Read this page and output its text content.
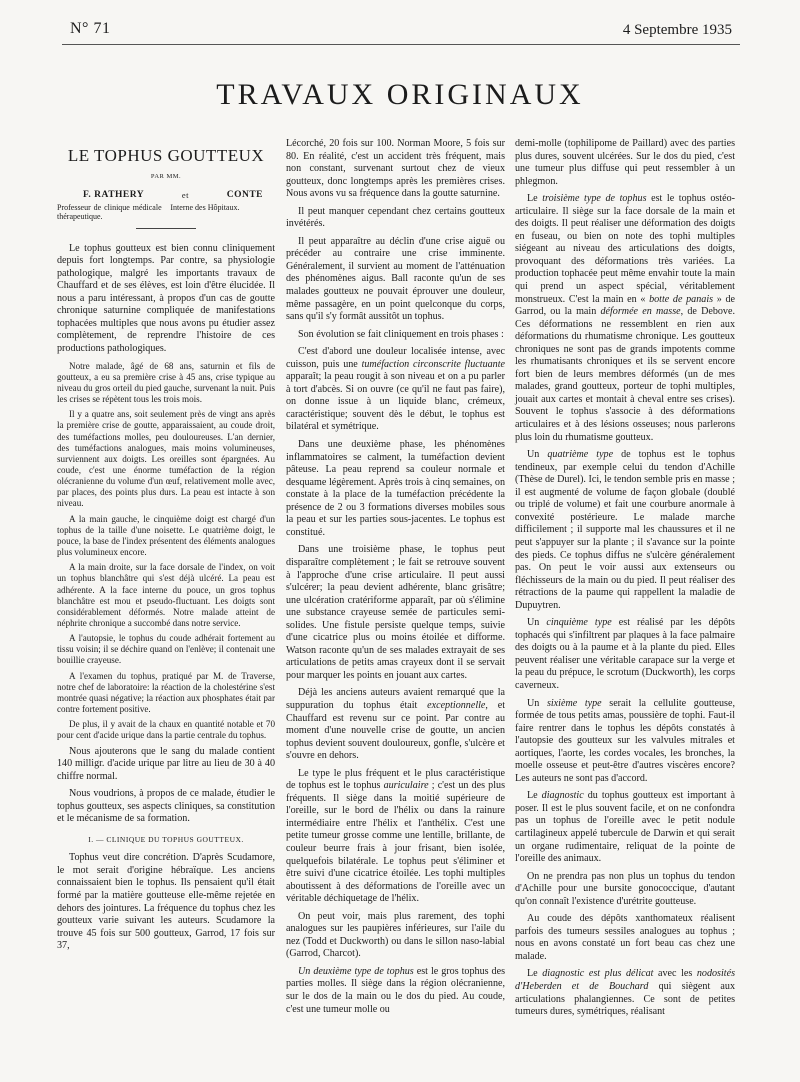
N° 71	4 Septembre 1935
TRAVAUX ORIGINAUX
LE TOPHUS GOUTTEUX
PAR MM.
F. RATHERY	et	CONTE
Professeur de clinique médicale thérapeutique.
Interne des Hôpitaux.

Le tophus goutteux est bien connu cliniquement depuis fort longtemps. Par contre, sa physiologie pathologique, malgré les importants travaux de Chauffard et de ses élèves, est loin d'être élucidée. Il nous a paru intéressant, à propos d'un cas de goutte chronique saturnine compliquée de manifestations tophacées multiples que nous avons pu étudier assez complètement, de reprendre l'histoire de ces productions pathologiques.

Notre malade, âgé de 68 ans, saturnin et fils de goutteux, a eu sa première crise à 45 ans, crise typique au niveau du gros orteil du pied gauche, survenant la nuit. Puis les crises se répètent tous les trois mois.

Il y a quatre ans, soit seulement près de vingt ans après la première crise de goutte, apparaissaient, au coude droit, des tuméfactions molles, peu douloureuses. L'an dernier, des tuméfactions analogues, mais moins volumineuses, surviennent aux doigts. Les oreilles sont épargnées. Au coude, c'est une énorme tuméfaction de la région olécranienne du volume d'un œuf, relativement molle avec, par places, des points plus durs. La peau est intacte à son niveau.

A la main gauche, le cinquième doigt est chargé d'un tophus de la taille d'une noisette. Le quatrième doigt, le pouce, la base de l'index présentent des éléments analogues plus volumineux encore.

A la main droite, sur la face dorsale de l'index, on voit un tophus blanchâtre qui s'est déjà ulcéré. La peau est adhérente. A la face interne du pouce, un gros tophus blanchâtre est mou et pseudo-fluctuant. Les doigts sont considérablement déformés. Notre malade atteint de néphrite chronique a succombé dans notre service.

A l'autopsie, le tophus du coude adhérait fortement au tissu voisin; il se déchire quand on l'enlève; il contenait une bouillie crayeuse.

A l'examen du tophus, pratiqué par M. de Traverse, notre chef de laboratoire: la réaction de la cholestérine s'est montrée quasi négative; la réaction aux phosphates était par contre fortement positive.

De plus, il y avait de la chaux en quantité notable et 70 pour cent d'acide urique dans la partie centrale du tophus.

Nous ajouterons que le sang du malade contient 140 milligr. d'acide urique par litre au lieu de 30 à 40 chiffre normal.

Nous voudrions, à propos de ce malade, étudier le tophus goutteux, ses aspects cliniques, sa constitution et le mécanisme de sa formation.

I. — CLINIQUE DU TOPHUS GOUTTEUX.

Tophus veut dire concrétion. D'après Scudamore, le mot serait d'origine hébraïque. Les anciens connaissaient bien le tophus. Ils pensaient qu'il était formé par la matière goutteuse elle-même rejetée en dehors des jointures. La fréquence du tophus chez les goutteux varie suivant les auteurs. Scudamore la trouve 45 fois sur 500 goutteux, Garrod, 17 fois sur 37,

Lécorché, 20 fois sur 100. Norman Moore, 5 fois sur 80. En réalité, c'est un accident très fréquent, mais non constant, survenant surtout chez de vieux goutteux, donc longtemps après les premières crises. Nous avons vu sa fréquence dans la goutte saturnine.

Il peut manquer cependant chez certains goutteux invétérés.

Il peut apparaître au déclin d'une crise aiguë ou précéder au contraire une crise imminente. Généralement, il survient au moment de l'atténuation des phénomènes aigus. Ball raconte qu'un de ses malades goutteux ne pouvait éprouver une douleur, même passagère, en un point quelconque du corps, sans qu'il s'y formât aussitôt un tophus.

Son évolution se fait cliniquement en trois phases :

C'est d'abord une douleur localisée intense, avec cuisson, puis une tuméfaction circonscrite fluctuante apparaît; la peau rougit à son niveau et on a pu parler à tort d'abcès. Si on ouvre (ce qu'il ne faut pas faire), on donne issue à un liquide blanc, crémeux, caractéristique; souvent dès le début, le tophus est bilatéral et symétrique.

Dans une deuxième phase, les phénomènes inflammatoires se calment, la tuméfaction devient pâteuse. La peau reprend sa couleur normale et desquame légèrement. Après trois à cinq semaines, on constate à la place de la tuméfaction précédente la présence de 2 ou 3 formations diverses mobiles sous la peau et sur les parties sous-jacentes. Le tophus est constitué.

Dans une troisième phase, le tophus peut disparaître complètement ; le fait se retrouve souvent à l'approche d'une crise articulaire. Il peut aussi s'ulcérer; la peau devient adhérente, blanc grisâtre; une ulcération cratériforme apparaît, par où s'élimine une substance crayeuse semée de particules semi-solides. Une fistule persiste quelque temps, suivie d'une cicatrice plus ou moins étoilée et difforme. Watson raconte qu'un de ses malades extrayait de ses articulations de petits amas crayeux dont il se servait pour marquer les points en jouant aux cartes.

Déjà les anciens auteurs avaient remarqué que la suppuration du tophus était exceptionnelle, et Chauffard est revenu sur ce point. Par contre au moment d'une nouvelle crise de goutte, un ancien tophus devient souvent douloureux, gonfle, s'ulcère et s'ouvre en dehors.

Le type le plus fréquent et le plus caractéristique de tophus est le tophus auriculaire ; c'est un des plus fréquents. Il siège dans la moitié supérieure de l'oreille, sur le bord de l'hélix ou dans la rainure intermédiaire entre l'hélix et l'anthélix. C'est une petite tumeur grosse comme une lentille, brillante, de couleur beurre frais à jour frisant, bien isolée, quelquefois bilatérale. Le tophus peut s'éliminer et être suivi d'une cicatrice étoilée. Les tophi multiples aboutissent à des déformations de l'oreille avec un véritable déchiquetage de l'hélix.

On peut voir, mais plus rarement, des tophi analogues sur les paupières inférieures, sur l'aile du nez (Todd et Duckworth) ou dans le sillon naso-labial (Garrod, Charcot).

Un deuxième type de tophus est le gros tophus des parties molles. Il siège dans la région olécranienne, sur le dos de la main ou le dos du pied. Au coude, c'est une tumeur molle ou

demi-molle (tophilipome de Paillard) avec des parties plus dures, souvent ulcérées. Sur le dos du pied, c'est une tumeur plus diffuse qui peut ressembler à un phlegmon.

Le troisième type de tophus est le tophus ostéo-articulaire. Il siège sur la face dorsale de la main et des doigts. Il peut réaliser une déformation des doigts en fuseau, ou bien on note des tophi multiples siégeant au niveau des articulations des doigts, provoquant des déformations très variées. La production tophacée peut même envahir toute la main qui prend un aspect spécial, véritablement monstrueux. C'est la main en « botte de panais » de Garrod, ou la main déformée en masse, de Debove. Ces déformations ne ressemblent en rien aux déformations du rhumatisme chronique. Les goutteux chroniques ne sont pas de grands impotents comme les rhumatisants chroniques et ils se servent encore fort bien de leurs membres déformés (un de mes malades, grand goutteux, porteur de tophi multiples, jouait aux cartes et montait à cheval entre ses crises). Souvent le tophus s'associe à des déformations articulaires et à des lésions osseuses; nous parlerons plus loin du rhumatisme goutteux.

Un quatrième type de tophus est le tophus tendineux, par exemple celui du tendon d'Achille (Thèse de Durel). Ici, le tendon semble pris en masse ; il est augmenté de volume de façon globale (doublé ou triplé de volume) et fait une courbure anormale à convexité postérieure. Le malade marche difficilement ; il supporte mal les chaussures et il ne peut s'appuyer sur la plante ; il s'avance sur la pointe des pieds. Ce tophus diffus ne s'ulcère généralement pas. On peut le voir aussi aux extenseurs ou fléchisseurs de la main ou du pied. Il peut réaliser des rétractions de la paume qui rappellent la maladie de Dupuytren.

Un cinquième type est réalisé par les dépôts tophacés qui s'infiltrent par plaques à la face palmaire des doigts ou à la paume et à la plante du pied. Elles peuvent réaliser une véritable carapace sur la verge et la peau du prépuce, le scrotum (Duckworth), les corps caverneux.

Un sixième type serait la cellulite goutteuse, formée de tous petits amas, poussière de tophi. Faut-il faire rentrer dans le tophus les dépôts constatés à l'autopsie des goutteux sur les valvules mitrales et aortiques, l'aorte, les cordes vocales, les bronches, la moelle osseuse et peut-être d'autres viscères encore? Les auteurs ne sont pas d'accord.

Le diagnostic du tophus goutteux est important à poser. Il est le plus souvent facile, et on ne confondra pas un tophus de l'oreille avec le petit nodule cartilagineux appelé tubercule de Darwin et qui serait un organe rudimentaire, reliquat de la pointe de l'oreille des animaux.

On ne prendra pas non plus un tophus du tendon d'Achille pour une bursite gonococcique, d'autant qu'on connaît l'existence d'urétrite goutteuse.

Au coude des dépôts xanthomateux réalisent parfois des tumeurs sessiles analogues au tophus ; nous en avons constaté un fort beau cas chez une malade.

Le diagnostic est plus délicat avec les nodosités d'Heberden et de Bouchard qui siègent aux articulations phalangiennes. Ce sont de petites tumeurs dures, symétriques, réalisant
